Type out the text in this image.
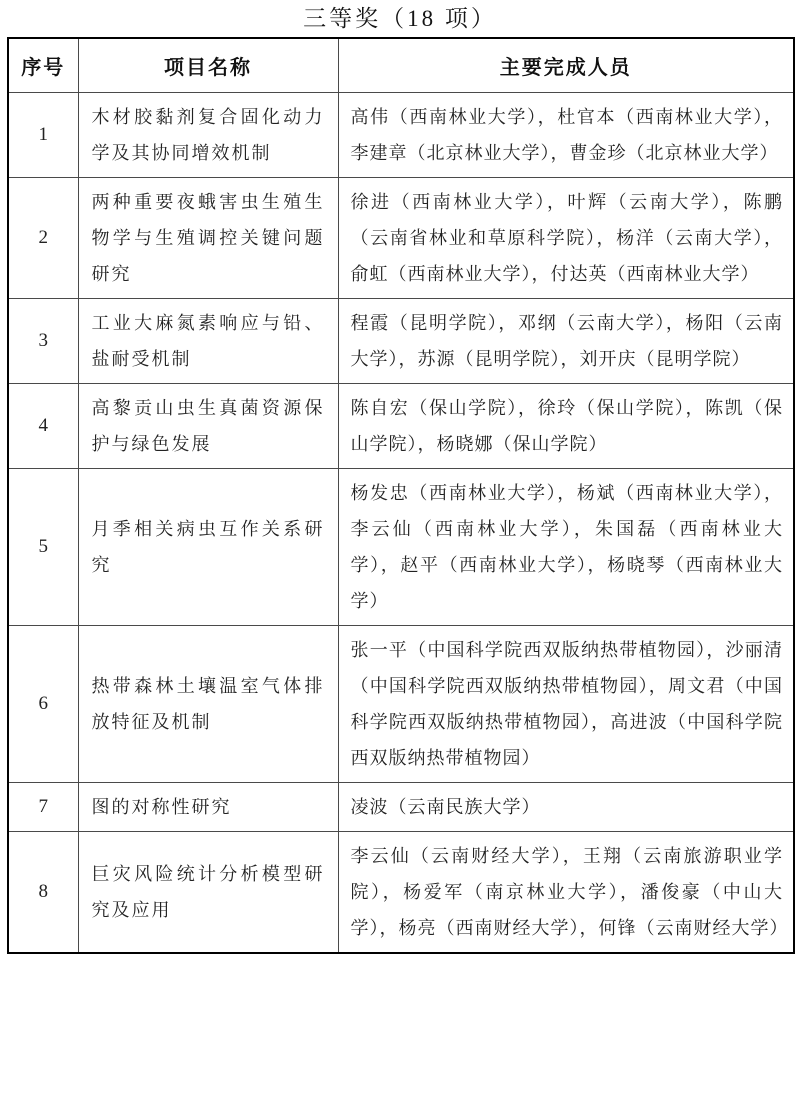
三等奖（18 项）
序号	项目名称	主要完成人员
1	木材胶黏剂复合固化动力学及其协同增效机制	高伟（西南林业大学），杜官本（西南林业大学），李建章（北京林业大学），曹金珍（北京林业大学）
2	两种重要夜蛾害虫生殖生物学与生殖调控关键问题研究	徐进（西南林业大学），叶辉（云南大学），陈鹏（云南省林业和草原科学院），杨洋（云南大学），俞虹（西南林业大学），付达英（西南林业大学）
3	工业大麻氮素响应与铅、盐耐受机制	程霞（昆明学院），邓纲（云南大学），杨阳（云南大学），苏源（昆明学院），刘开庆（昆明学院）
4	高黎贡山虫生真菌资源保护与绿色发展	陈自宏（保山学院），徐玲（保山学院），陈凯（保山学院），杨晓娜（保山学院）
5	月季相关病虫互作关系研究	杨发忠（西南林业大学），杨斌（西南林业大学），李云仙（西南林业大学），朱国磊（西南林业大学），赵平（西南林业大学），杨晓琴（西南林业大学）
6	热带森林土壤温室气体排放特征及机制	张一平（中国科学院西双版纳热带植物园），沙丽清（中国科学院西双版纳热带植物园），周文君（中国科学院西双版纳热带植物园），高进波（中国科学院西双版纳热带植物园）
7	图的对称性研究	凌波（云南民族大学）
8	巨灾风险统计分析模型研究及应用	李云仙（云南财经大学），王翔（云南旅游职业学院），杨爱军（南京林业大学），潘俊豪（中山大学），杨亮（西南财经大学），何锋（云南财经大学）
